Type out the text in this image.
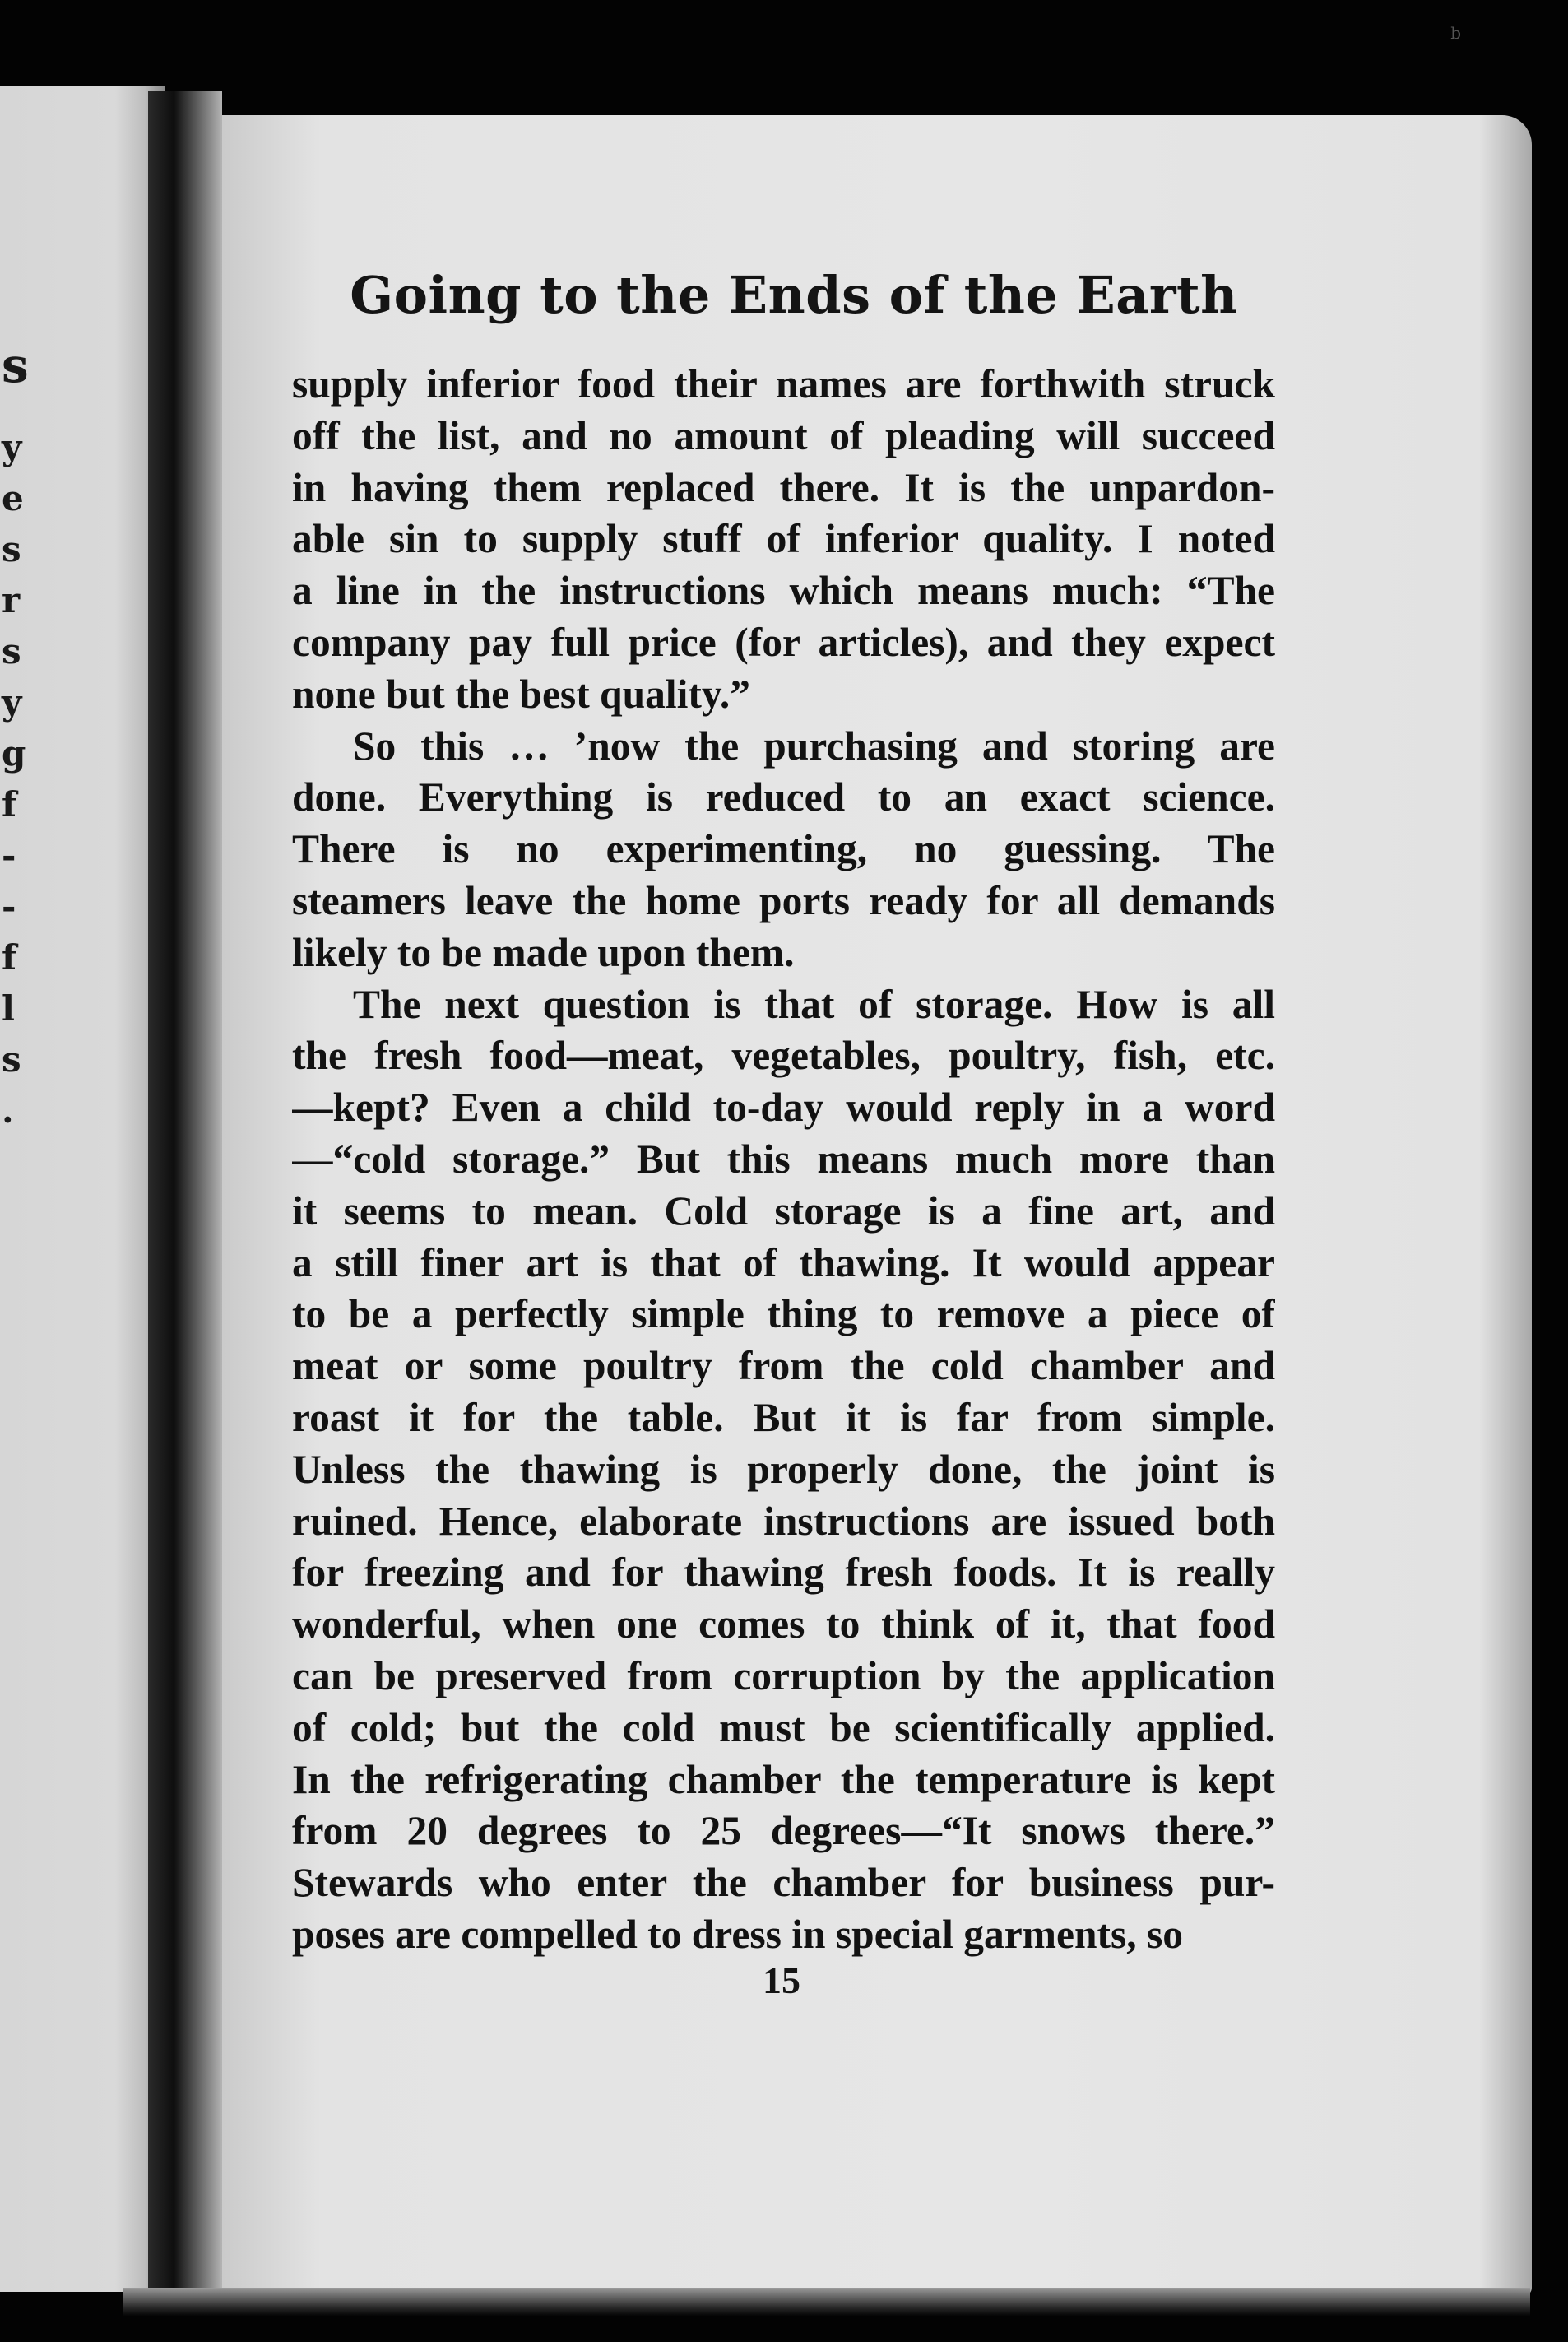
b
s
y
e
s
r
s
y
g
f
-
-
f
l
s
.
Going to the Ends of the Earth
supply inferior food their names are forthwith struck
off the list, and no amount of pleading will succeed
in having them replaced there. It is the unpardon-
able sin to supply stuff of inferior quality. I noted
a line in the instructions which means much: “The
company pay full price (for articles), and they expect
none but the best quality.”
So this … ’now the purchasing and storing are
done. Everything is reduced to an exact science.
There is no experimenting, no guessing. The
steamers leave the home ports ready for all demands
likely to be made upon them.
The next question is that of storage. How is all
the fresh food—meat, vegetables, poultry, fish, etc.
—kept? Even a child to-day would reply in a word
—“cold storage.” But this means much more than
it seems to mean. Cold storage is a fine art, and
a still finer art is that of thawing. It would appear
to be a perfectly simple thing to remove a piece of
meat or some poultry from the cold chamber and
roast it for the table. But it is far from simple.
Unless the thawing is properly done, the joint is
ruined. Hence, elaborate instructions are issued both
for freezing and for thawing fresh foods. It is really
wonderful, when one comes to think of it, that food
can be preserved from corruption by the application
of cold; but the cold must be scientifically applied.
In the refrigerating chamber the temperature is kept
from 20 degrees to 25 degrees—“It snows there.”
Stewards who enter the chamber for business pur-
poses are compelled to dress in special garments, so
15
